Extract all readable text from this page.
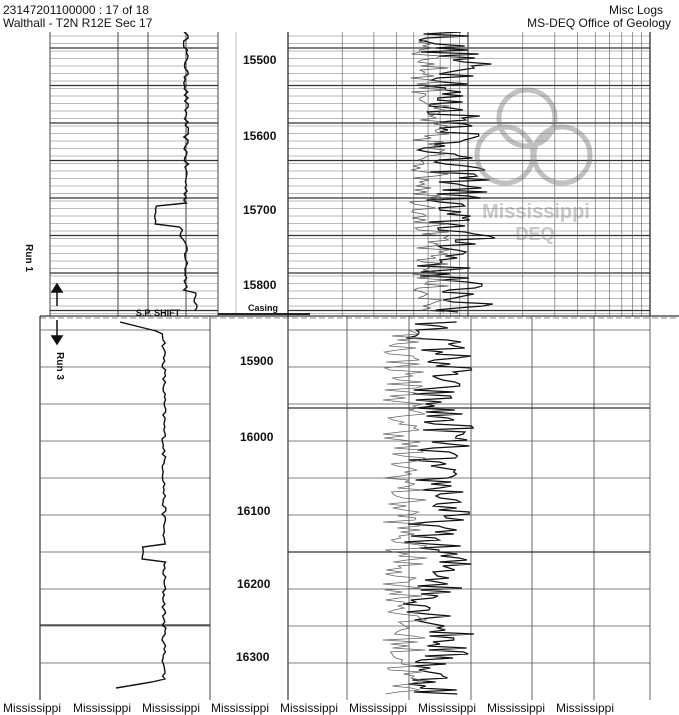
23147201100000 : 17 of 18
Walthall - T2N R12E Sec 17
Misc Logs
MS-DEQ Office of Geology
Mississippi
DEQ
15500
15600
15700
15800
15900
16000
16100
16200
16300
Run 1
Run 3
S.P. SHIFT	Casing
Mississippi Mississippi Mississippi Mississippi Mississippi Mississippi Mississippi Mississippi Mississippi
